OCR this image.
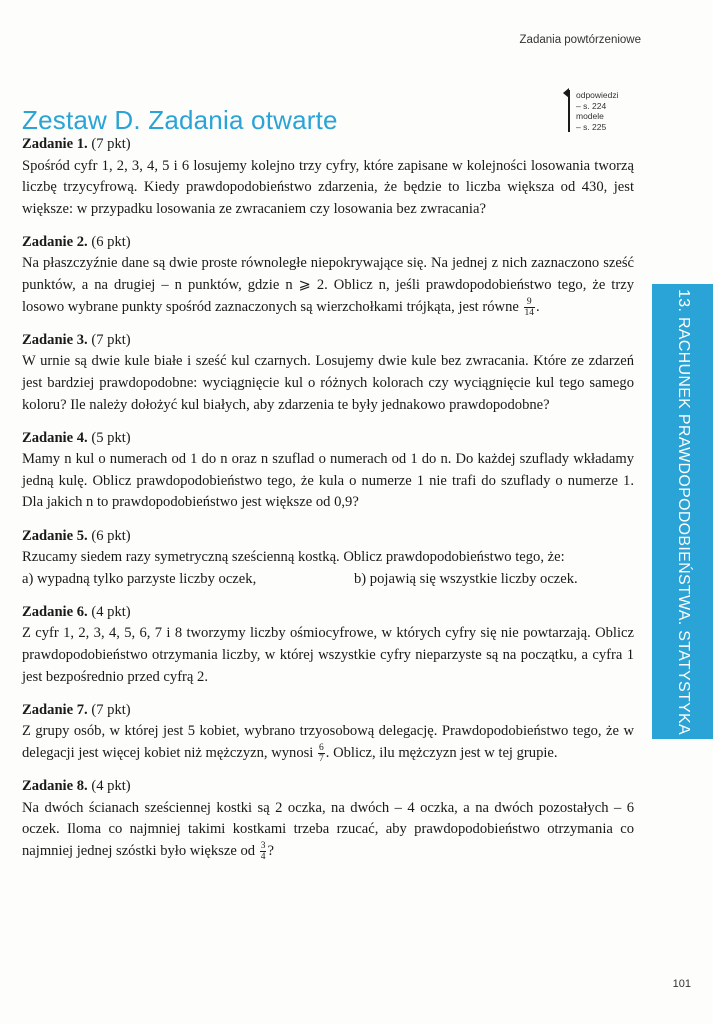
Zadania powtórzeniowe
Zestaw D. Zadania otwarte
odpowiedzi
– s. 224
modele
– s. 225
Zadanie 1. (7 pkt)

Spośród cyfr 1, 2, 3, 4, 5 i 6 losujemy kolejno trzy cyfry, które zapisane w kolejności losowania tworzą liczbę trzycyfrową. Kiedy prawdopodobieństwo zdarzenia, że będzie to liczba większa od 430, jest większe: w przypadku losowania ze zwracaniem czy losowania bez zwracania?

Zadanie 2. (6 pkt)

Na płaszczyźnie dane są dwie proste równoległe niepokrywające się. Na jednej z nich zaznaczono sześć punktów, a na drugiej – n punktów, gdzie n ⩾ 2. Oblicz n, jeśli prawdopodobieństwo tego, że trzy losowo wybrane punkty spośród zaznaczonych są wierzchołkami trójkąta, jest równe $\frac{9}{14}$ .

Zadanie 3. (7 pkt)

W urnie są dwie kule białe i sześć kul czarnych. Losujemy dwie kule bez zwracania. Które ze zdarzeń jest bardziej prawdopodobne: wyciągnięcie kul o różnych kolorach czy wyciągnięcie kul tego samego koloru? Ile należy dołożyć kul białych, aby zdarzenia te były jednakowo prawdopodobne?

Zadanie 4. (5 pkt)

Mamy n kul o numerach od 1 do n oraz n szuflad o numerach od 1 do n. Do każdej szuflady wkładamy jedną kulę. Oblicz prawdopodobieństwo tego, że kula o numerze 1 nie trafi do szuflady o numerze 1. Dla jakich n to prawdopodobieństwo jest większe od 0,9?

Zadanie 5. (6 pkt)

Rzucamy siedem razy symetryczną sześcienną kostką. Oblicz prawdopodobieństwo tego, że:

a) wypadną tylko parzyste liczby oczek,	b) pojawią się wszystkie liczby oczek.
Zadanie 6. (4 pkt)

Z cyfr 1, 2, 3, 4, 5, 6, 7 i 8 tworzymy liczby ośmiocyfrowe, w których cyfry się nie powtarzają. Oblicz prawdopodobieństwo otrzymania liczby, w której wszystkie cyfry nieparzyste są na początku, a cyfra 1 jest bezpośrednio przed cyfrą 2.

Zadanie 7. (7 pkt)

Z grupy osób, w której jest 5 kobiet, wybrano trzyosobową delegację. Prawdopodobieństwo tego, że w delegacji jest więcej kobiet niż mężczyzn, wynosi $\frac{6}{7}$ . Oblicz, ilu mężczyzn jest w tej grupie.

Zadanie 8. (4 pkt)

Na dwóch ścianach sześciennej kostki są 2 oczka, na dwóch – 4 oczka, a na dwóch pozostałych – 6 oczek. Iloma co najmniej takimi kostkami trzeba rzucać, aby prawdopodobieństwo otrzymania co najmniej jednej szóstki było większe od $\frac{3}{4}$ ?

13. RACHUNEK PRAWDOPODOBIEŃSTWA. STATYSTYKA
101
